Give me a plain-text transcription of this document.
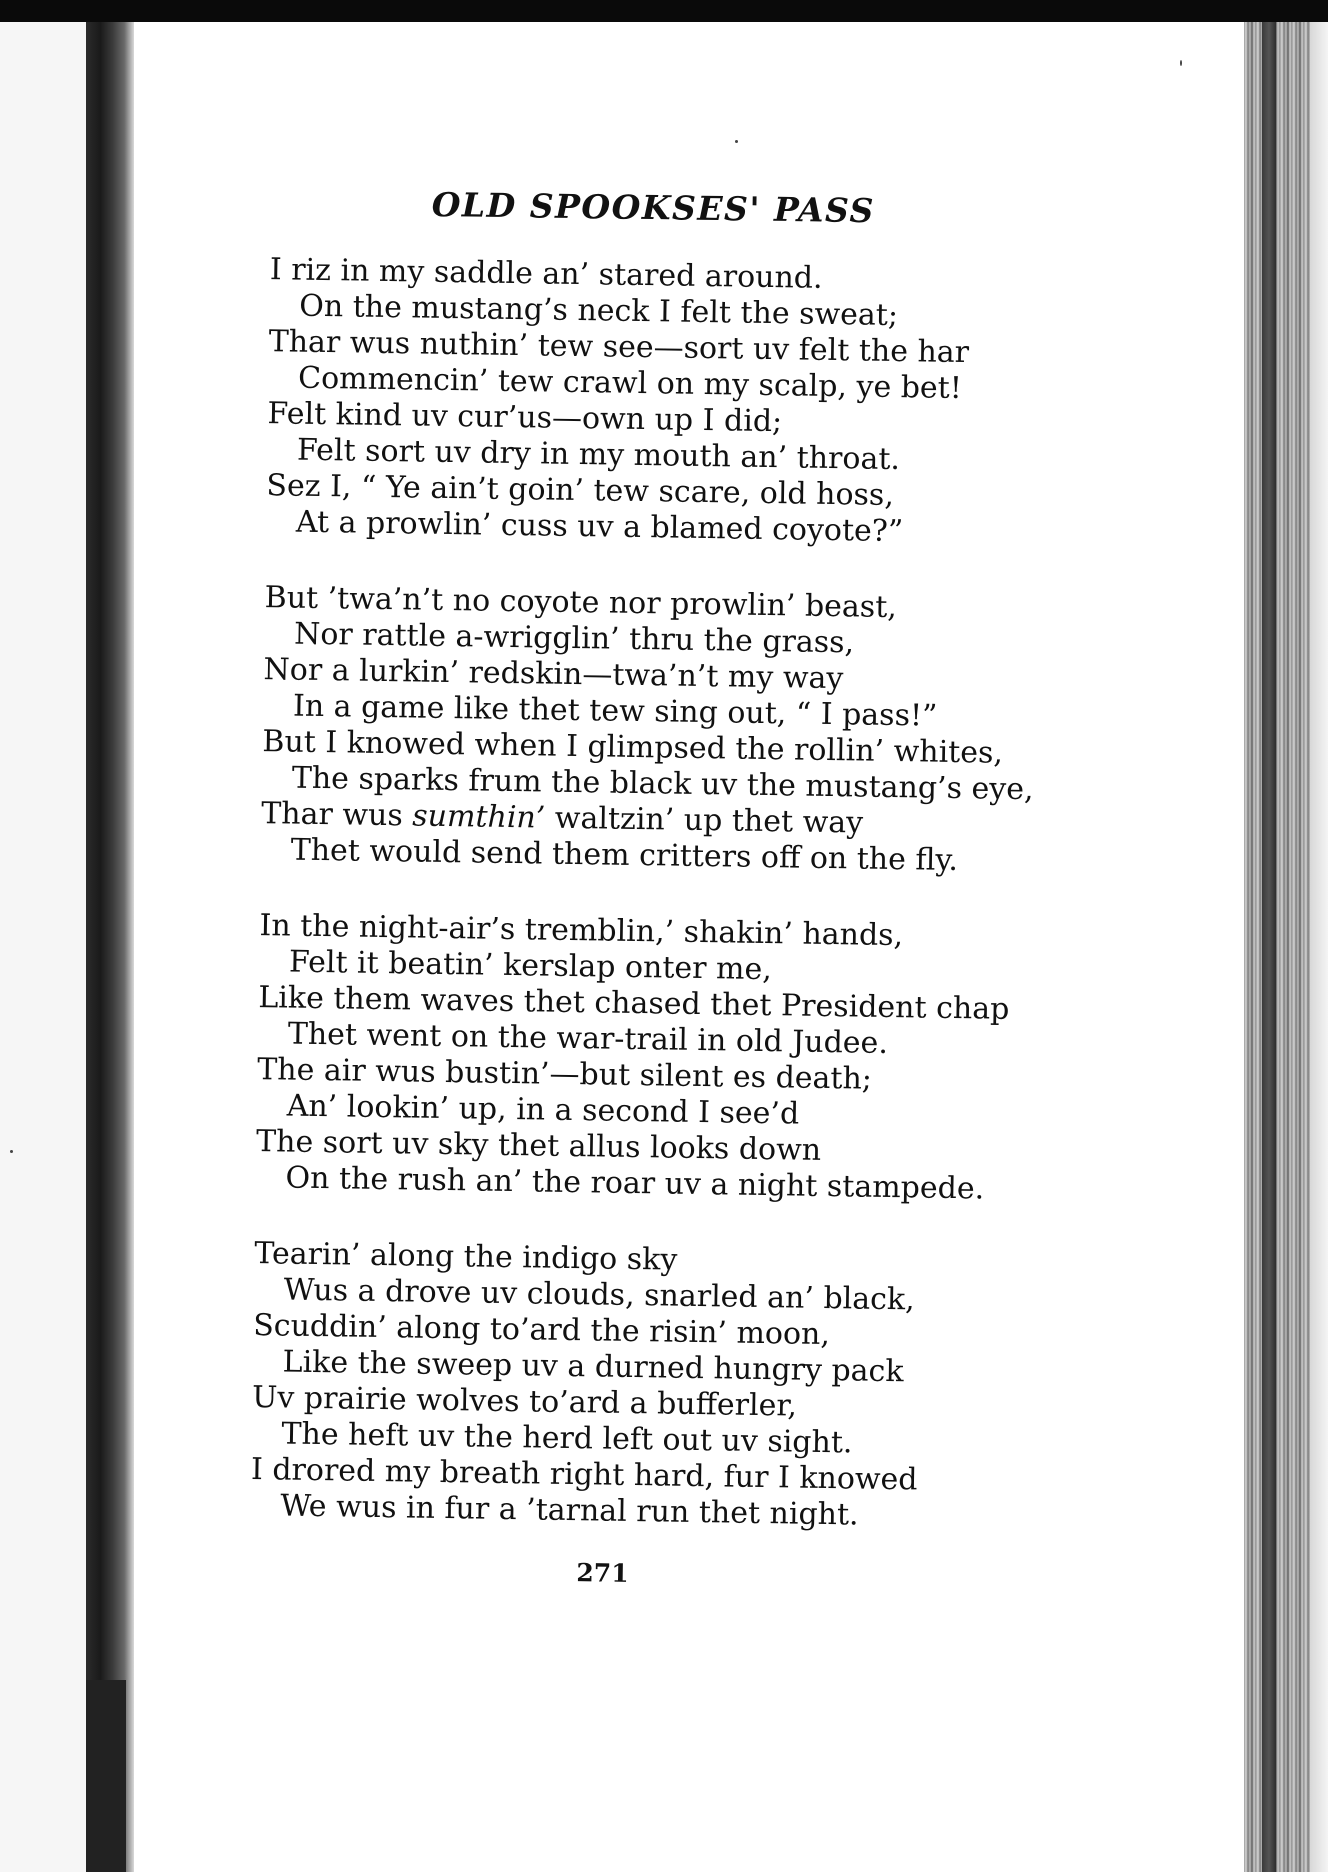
OLD SPOOKSES' PASS
I riz in my saddle an’ stared around.
On the mustang’s neck I felt the sweat;
Thar wus nuthin’ tew see—sort uv felt the har
Commencin’ tew crawl on my scalp, ye bet!
Felt kind uv cur’us—own up I did;
Felt sort uv dry in my mouth an’ throat.
Sez I, “ Ye ain’t goin’ tew scare, old hoss,
At a prowlin’ cuss uv a blamed coyote?”
But ’twa’n’t no coyote nor prowlin’ beast,
Nor rattle a-wrigglin’ thru the grass,
Nor a lurkin’ redskin—twa’n’t my way
In a game like thet tew sing out, “ I pass!”
But I knowed when I glimpsed the rollin’ whites,
The sparks frum the black uv the mustang’s eye,
Thar wus sumthin’ waltzin’ up thet way
Thet would send them critters off on the fly.
In the night-air’s tremblin,’ shakin’ hands,
Felt it beatin’ kerslap onter me,
Like them waves thet chased thet President chap
Thet went on the war-trail in old Judee.
The air wus bustin’—but silent es death;
An’ lookin’ up, in a second I see’d
The sort uv sky thet allus looks down
On the rush an’ the roar uv a night stampede.
Tearin’ along the indigo sky
Wus a drove uv clouds, snarled an’ black,
Scuddin’ along to’ard the risin’ moon,
Like the sweep uv a durned hungry pack
Uv prairie wolves to’ard a bufferler,
The heft uv the herd left out uv sight.
I drored my breath right hard, fur I knowed
We wus in fur a ’tarnal run thet night.
271
